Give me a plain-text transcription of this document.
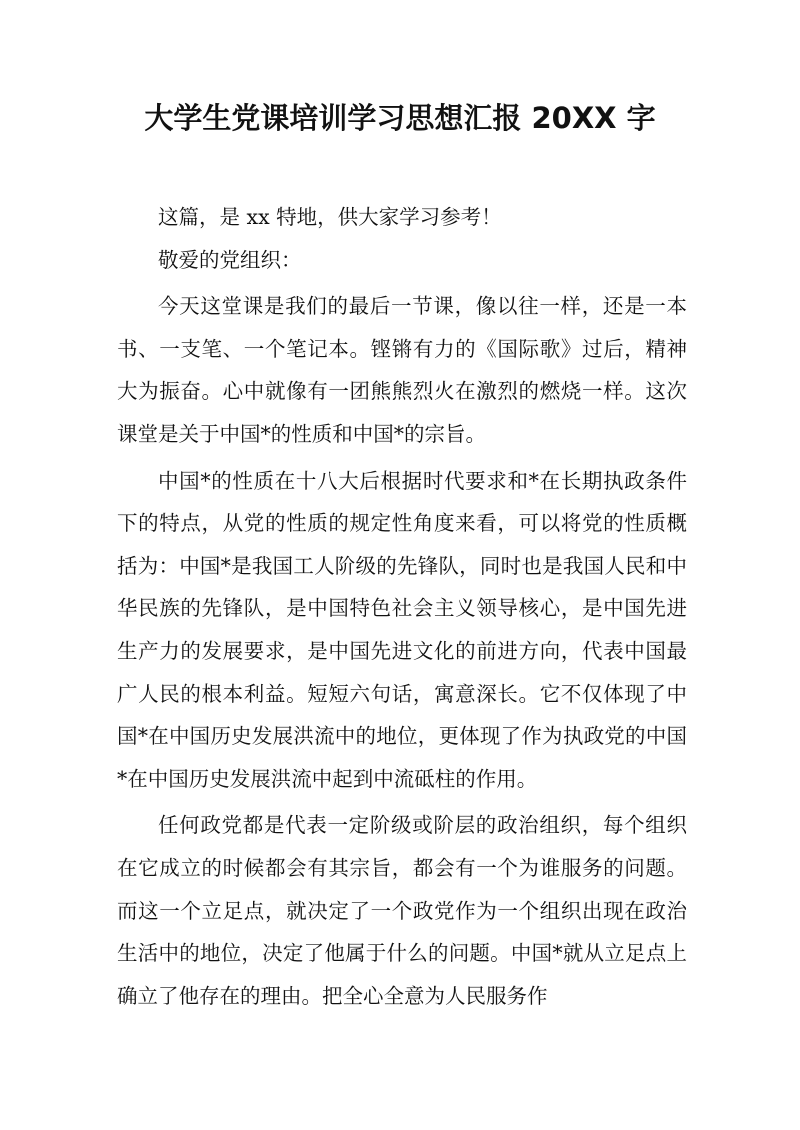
大学生党课培训学习思想汇报 20XX 字

这篇，是 xx 特地，供大家学习参考！

敬爱的党组织：

今天这堂课是我们的最后一节课，像以往一样，还是一本书、一支笔、一个笔记本。铿锵有力的《国际歌》过后，精神大为振奋。心中就像有一团熊熊烈火在激烈的燃烧一样。这次课堂是关于中国*的性质和中国*的宗旨。

中国*的性质在十八大后根据时代要求和*在长期执政条件下的特点，从党的性质的规定性角度来看，可以将党的性质概括为：中国*是我国工人阶级的先锋队，同时也是我国人民和中华民族的先锋队，是中国特色社会主义领导核心，是中国先进生产力的发展要求，是中国先进文化的前进方向，代表中国最广人民的根本利益。短短六句话，寓意深长。它不仅体现了中国*在中国历史发展洪流中的地位，更体现了作为执政党的中国*在中国历史发展洪流中起到中流砥柱的作用。

任何政党都是代表一定阶级或阶层的政治组织，每个组织在它成立的时候都会有其宗旨，都会有一个为谁服务的问题。而这一个立足点，就决定了一个政党作为一个组织出现在政治生活中的地位，决定了他属于什么的问题。中国*就从立足点上确立了他存在的理由。把全心全意为人民服务作
